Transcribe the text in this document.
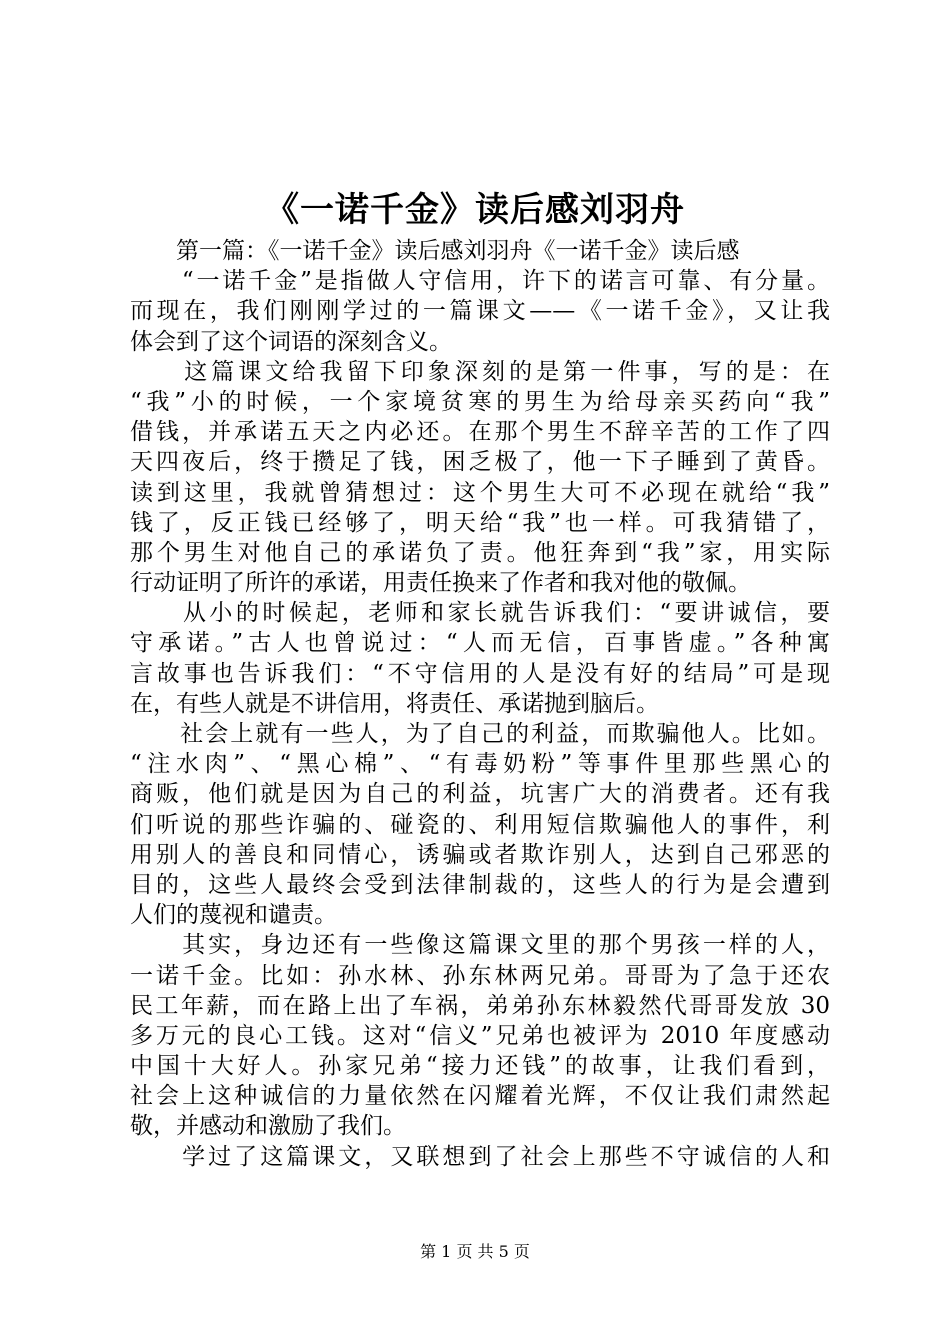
《一诺千金》读后感刘羽舟
　　第一篇：《一诺千金》读后感刘羽舟《一诺千金》读后感
　　“一诺千金”是指做人守信用，许下的诺言可靠、有分量。
而现在，我们刚刚学过的一篇课文——《一诺千金》，又让我
体会到了这个词语的深刻含义。
　　这篇课文给我留下印象深刻的是第一件事，写的是：在
“我”小的时候，一个家境贫寒的男生为给母亲买药向“我”
借钱，并承诺五天之内必还。在那个男生不辞辛苦的工作了四
天四夜后，终于攒足了钱，困乏极了，他一下子睡到了黄昏。
读到这里，我就曾猜想过：这个男生大可不必现在就给“我”
钱了，反正钱已经够了，明天给“我”也一样。可我猜错了，
那个男生对他自己的承诺负了责。他狂奔到“我”家，用实际
行动证明了所许的承诺，用责任换来了作者和我对他的敬佩。
　　从小的时候起，老师和家长就告诉我们：“要讲诚信，要
守承诺。”古人也曾说过：“人而无信，百事皆虚。”各种寓
言故事也告诉我们：“不守信用的人是没有好的结局”可是现
在，有些人就是不讲信用，将责任、承诺抛到脑后。
　　社会上就有一些人，为了自己的利益，而欺骗他人。比如。
“注水肉”、“黑心棉”、“有毒奶粉”等事件里那些黑心的
商贩，他们就是因为自己的利益，坑害广大的消费者。还有我
们听说的那些诈骗的、碰瓷的、利用短信欺骗他人的事件，利
用别人的善良和同情心，诱骗或者欺诈别人，达到自己邪恶的
目的，这些人最终会受到法律制裁的，这些人的行为是会遭到
人们的蔑视和谴责。
　　其实，身边还有一些像这篇课文里的那个男孩一样的人，
一诺千金。比如：孙水林、孙东林两兄弟。哥哥为了急于还农
民工年薪，而在路上出了车祸，弟弟孙东林毅然代哥哥发放 30
多万元的良心工钱。这对“信义”兄弟也被评为 2010 年度感动
中国十大好人。孙家兄弟“接力还钱”的故事，让我们看到，
社会上这种诚信的力量依然在闪耀着光辉，不仅让我们肃然起
敬，并感动和激励了我们。
　　学过了这篇课文，又联想到了社会上那些不守诚信的人和
第 1 页 共 5 页
